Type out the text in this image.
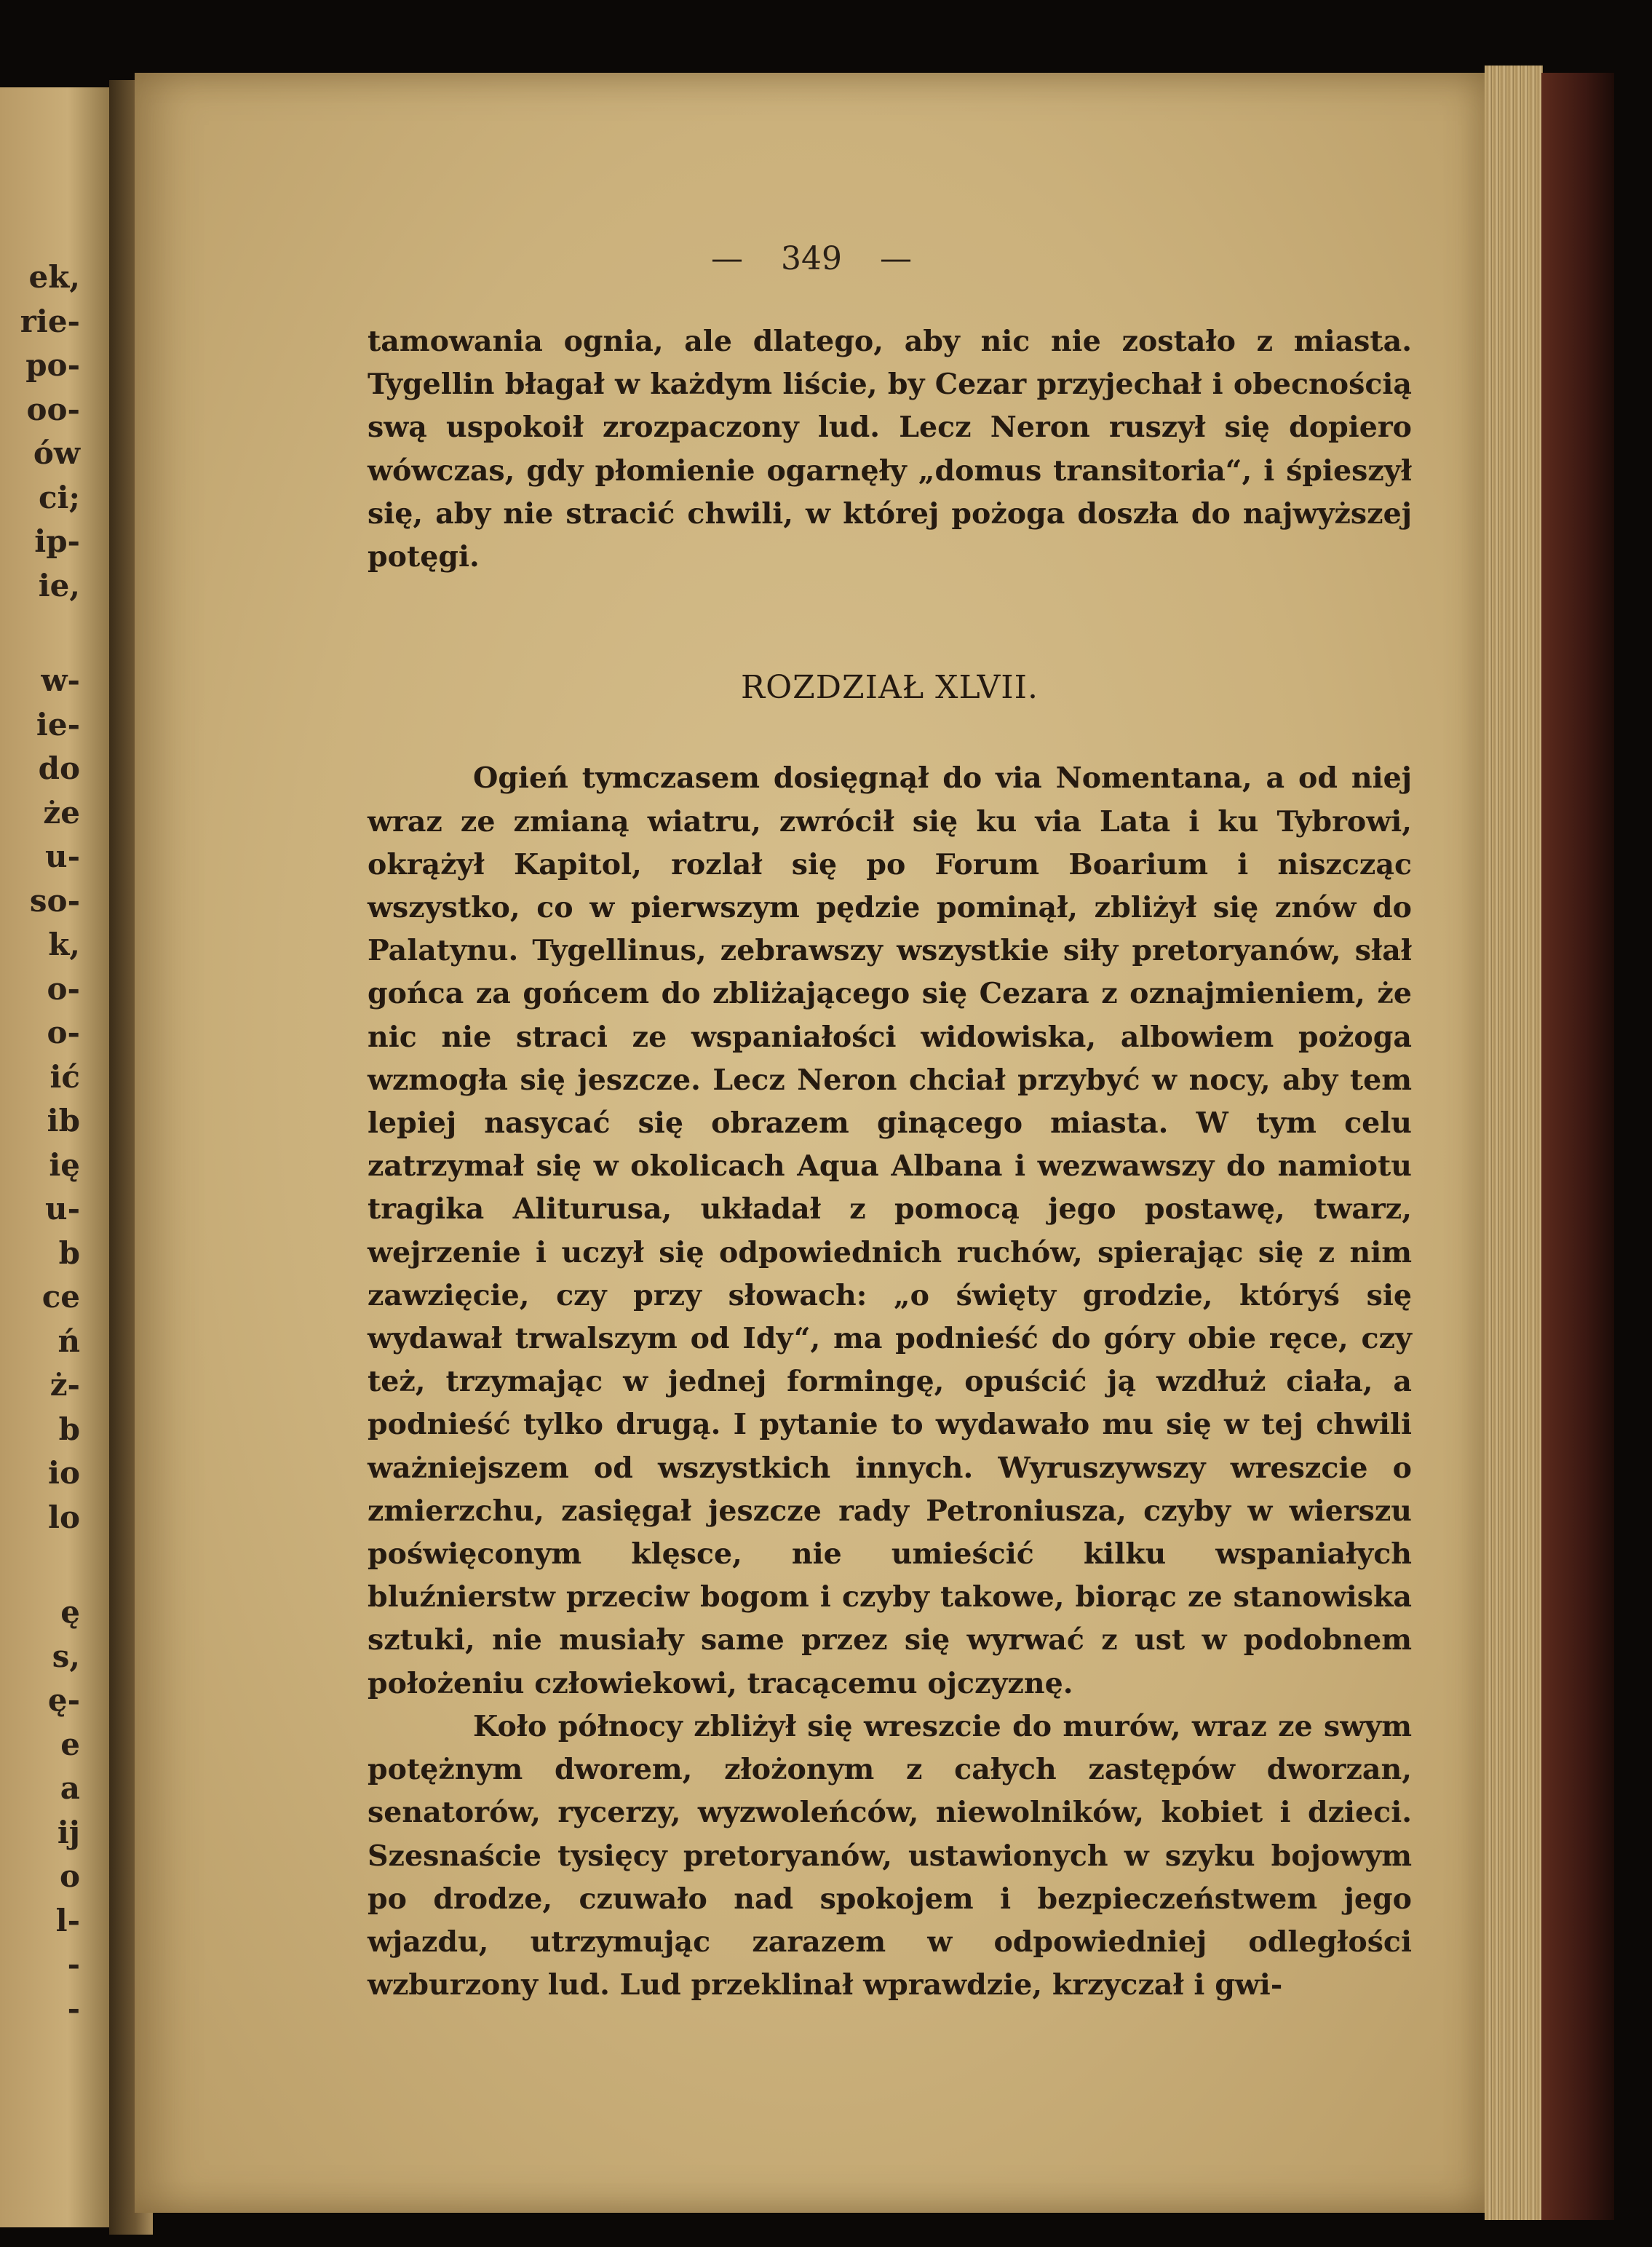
ek,
rie-
po-
oo-
ów
ci;
ip-
ie,
w-
ie-
do
że
u-
so-
k,
o-
o-
ić
ib
ię
u-
b
ce
ń
ż-
b
io
lo
ę
s,
ę-
e
a
ij
o
l-
-
-
— 349 —

tamowania ognia, ale dlatego, aby nic nie zostało z miasta. Tygellin błagał w każdym liście, by Cezar przyjechał i obecnością swą uspokoił zrozpaczony lud. Lecz Neron ruszył się dopiero wówczas, gdy płomienie ogarnęły „domus transitoria“, i śpieszył się, aby nie stracić chwili, w której pożoga doszła do najwyższej potęgi.

ROZDZIAŁ XLVII.

Ogień tymczasem dosięgnął do via Nomentana, a od niej wraz ze zmianą wiatru, zwrócił się ku via Lata i ku Tybrowi, okrążył Kapitol, rozlał się po Forum Boarium i niszcząc wszystko, co w pierwszym pędzie pominął, zbliżył się znów do Palatynu. Tygellinus, zebrawszy wszystkie siły pretoryanów, słał gońca za gońcem do zbliżającego się Cezara z oznajmieniem, że nic nie straci ze wspaniałości widowiska, albowiem pożoga wzmogła się jeszcze. Lecz Neron chciał przybyć w nocy, aby tem lepiej nasycać się obrazem ginącego miasta. W tym celu zatrzymał się w okolicach Aqua Albana i wezwawszy do namiotu tragika Aliturusa, układał z pomocą jego postawę, twarz, wejrzenie i uczył się odpowiednich ruchów, spierając się z nim zawzięcie, czy przy słowach: „o święty grodzie, któryś się wydawał trwalszym od Idy“, ma podnieść do góry obie ręce, czy też, trzymając w jednej formingę, opuścić ją wzdłuż ciała, a podnieść tylko drugą. I pytanie to wydawało mu się w tej chwili ważniejszem od wszystkich innych. Wyruszywszy wreszcie o zmierzchu, zasięgał jeszcze rady Petroniusza, czyby w wierszu poświęconym klęsce, nie umieścić kilku wspaniałych bluźnierstw przeciw bogom i czyby takowe, biorąc ze stanowiska sztuki, nie musiały same przez się wyrwać z ust w podobnem położeniu człowiekowi, tracącemu ojczyznę.

Koło północy zbliżył się wreszcie do murów, wraz ze swym potężnym dworem, złożonym z całych zastępów dworzan, senatorów, rycerzy, wyzwoleńców, niewolników, kobiet i dzieci. Szesnaście tysięcy pretoryanów, ustawionych w szyku bojowym po drodze, czuwało nad spokojem i bezpieczeństwem jego wjazdu, utrzymując zarazem w odpowiedniej odległości wzburzony lud. Lud przeklinał wprawdzie, krzyczał i gwi-
